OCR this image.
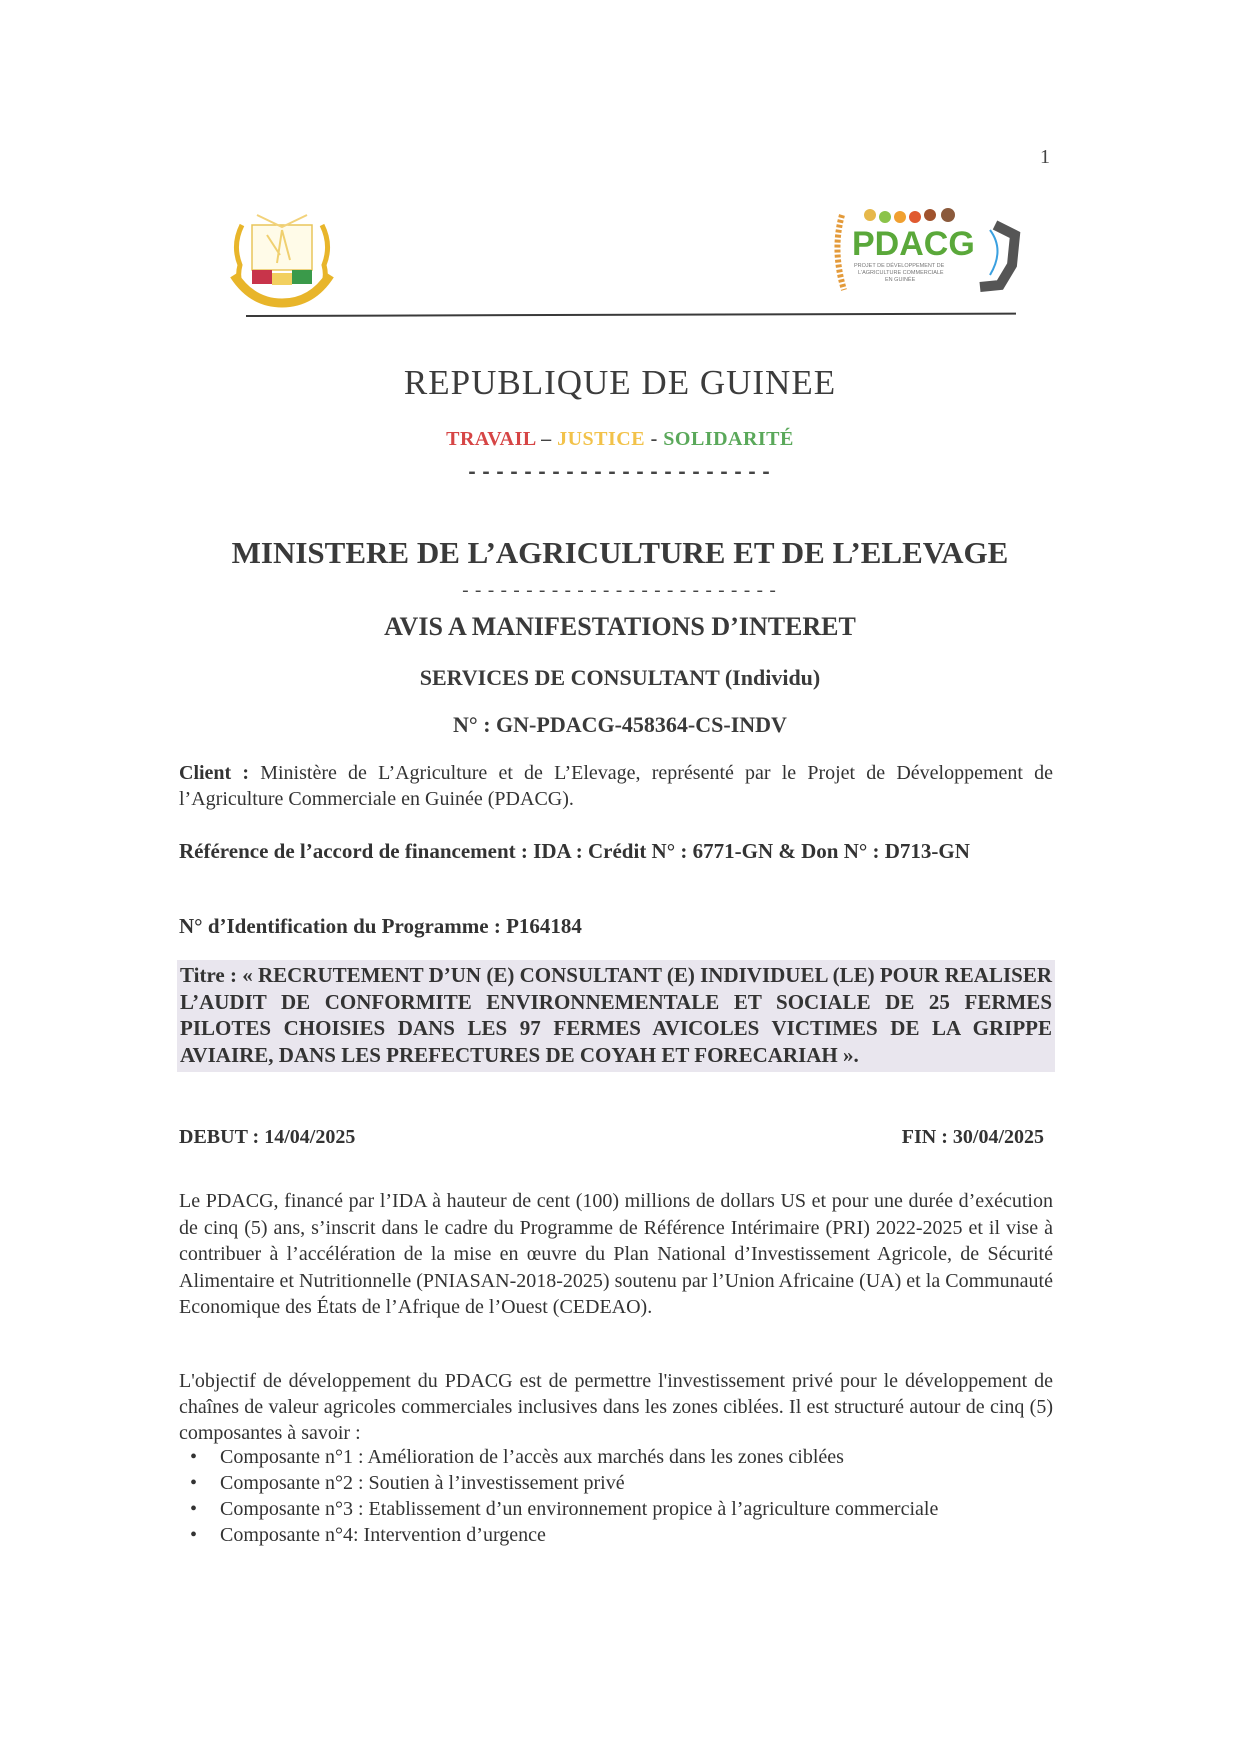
1
PDACG
PROJET DE DÉVELOPPEMENT DE
L'AGRICULTURE COMMERCIALE
EN GUINÉE
REPUBLIQUE DE GUINEE
TRAVAIL – JUSTICE - SOLIDARITÉ
----------------------
MINISTERE DE L’AGRICULTURE ET DE L’ELEVAGE
-------------------------
AVIS A MANIFESTATIONS D’INTERET
SERVICES DE CONSULTANT (Individu)
N° : GN-PDACG-458364-CS-INDV
Client : Ministère de L’Agriculture et de L’Elevage, représenté par le Projet de Développement de l’Agriculture Commerciale en Guinée (PDACG).
Référence de l’accord de financement : IDA : Crédit N° : 6771-GN & Don N° : D713-GN
N° d’Identification du Programme : P164184
Titre : « RECRUTEMENT D’UN (E) CONSULTANT (E) INDIVIDUEL (LE) POUR REALISER L’AUDIT DE CONFORMITE ENVIRONNEMENTALE ET SOCIALE DE 25 FERMES PILOTES CHOISIES DANS LES 97 FERMES AVICOLES VICTIMES DE LA GRIPPE AVIAIRE, DANS LES PREFECTURES DE COYAH ET FORECARIAH ».
DEBUT : 14/04/2025	FIN : 30/04/2025
Le PDACG, financé par l’IDA à hauteur de cent (100) millions de dollars US et pour une durée d’exécution de cinq (5) ans, s’inscrit dans le cadre du Programme de Référence Intérimaire (PRI) 2022-2025 et il vise à contribuer à l’accélération de la mise en œuvre du Plan National d’Investissement Agricole, de Sécurité Alimentaire et Nutritionnelle (PNIASAN-2018-2025) soutenu par l’Union Africaine (UA) et la Communauté Economique des États de l’Afrique de l’Ouest (CEDEAO).
L'objectif de développement du PDACG est de permettre l'investissement privé pour le développement de chaînes de valeur agricoles commerciales inclusives dans les zones ciblées. Il est structuré autour de cinq (5) composantes à savoir :
• Composante n°1 : Amélioration de l’accès aux marchés dans les zones ciblées
• Composante n°2 : Soutien à l’investissement privé
• Composante n°3 : Etablissement d’un environnement propice à l’agriculture commerciale
• Composante n°4: Intervention d’urgence
